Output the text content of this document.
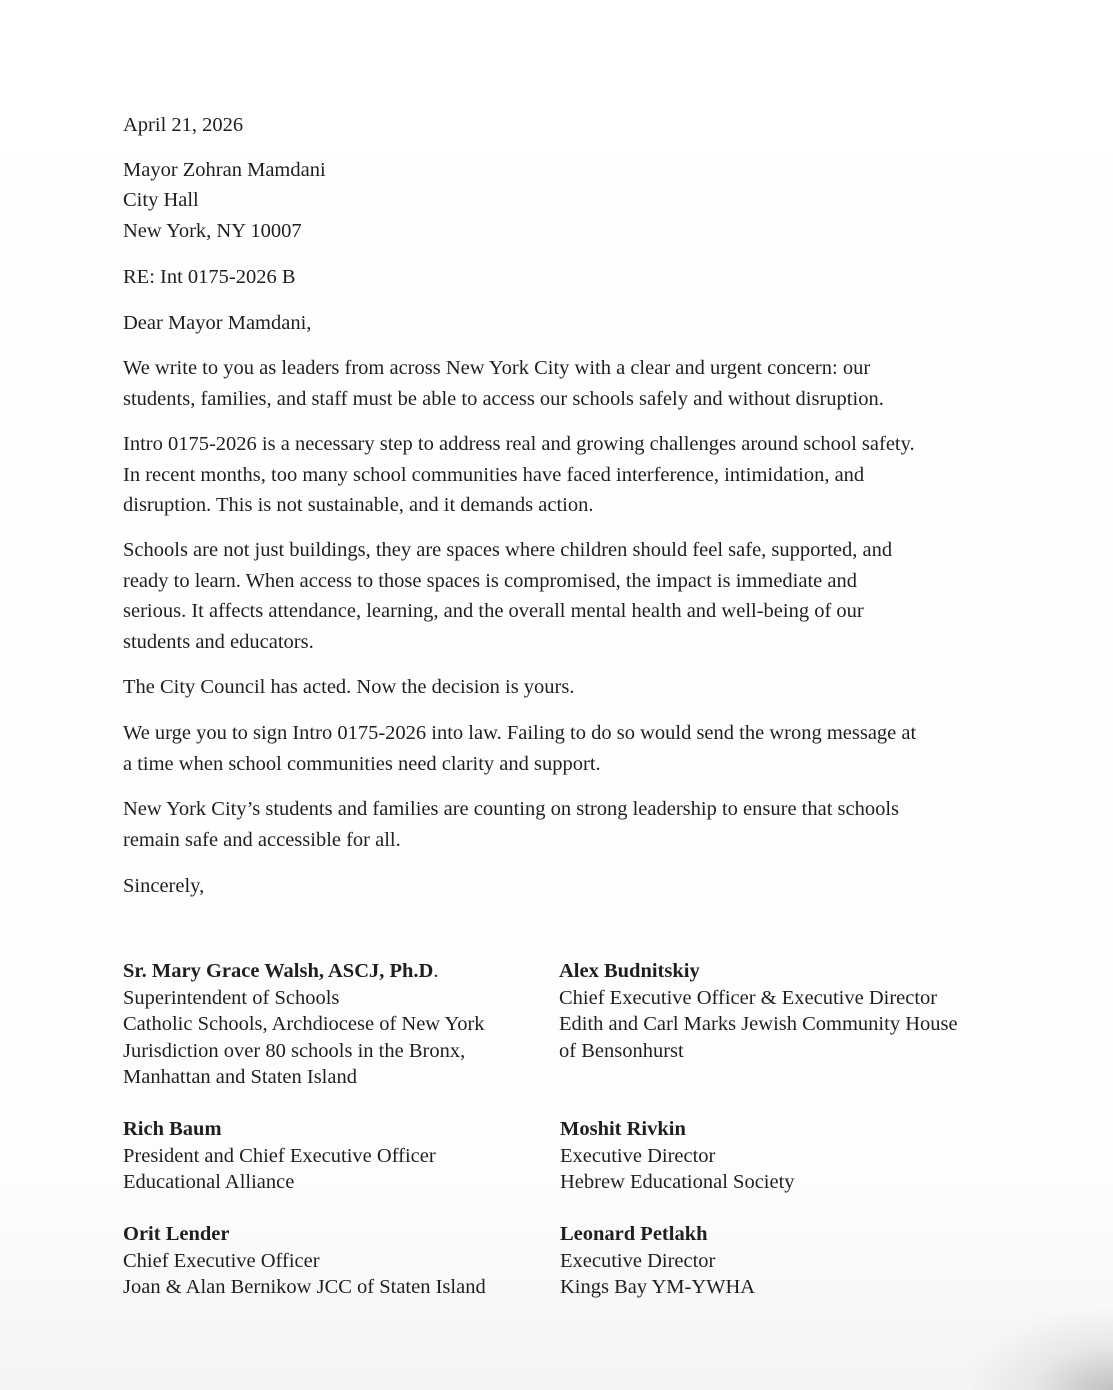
April 21, 2026

Mayor Zohran Mamdani

City Hall

New York, NY 10007

RE: Int 0175-2026 B

Dear Mayor Mamdani,

We write to you as leaders from across New York City with a clear and urgent concern: our
students, families, and staff must be able to access our schools safely and without disruption.
Intro 0175-2026 is a necessary step to address real and growing challenges around school safety.
In recent months, too many school communities have faced interference, intimidation, and
disruption. This is not sustainable, and it demands action.
Schools are not just buildings, they are spaces where children should feel safe, supported, and
ready to learn. When access to those spaces is compromised, the impact is immediate and
serious. It affects attendance, learning, and the overall mental health and well-being of our
students and educators.
The City Council has acted. Now the decision is yours.
We urge you to sign Intro 0175-2026 into law. Failing to do so would send the wrong message at
a time when school communities need clarity and support.
New York City’s students and families are counting on strong leadership to ensure that schools
remain safe and accessible for all.

Sincerely,

Sr. Mary Grace Walsh, ASCJ, Ph.D.
Superintendent of Schools
Catholic Schools, Archdiocese of New York
Jurisdiction over 80 schools in the Bronx,
Manhattan and Staten Island
Alex Budnitskiy
Chief Executive Officer & Executive Director
Edith and Carl Marks Jewish Community House
of Bensonhurst
Rich Baum
President and Chief Executive Officer
Educational Alliance
Moshit Rivkin
Executive Director
Hebrew Educational Society
Orit Lender
Chief Executive Officer
Joan & Alan Bernikow JCC of Staten Island
Leonard Petlakh
Executive Director
Kings Bay YM-YWHA
